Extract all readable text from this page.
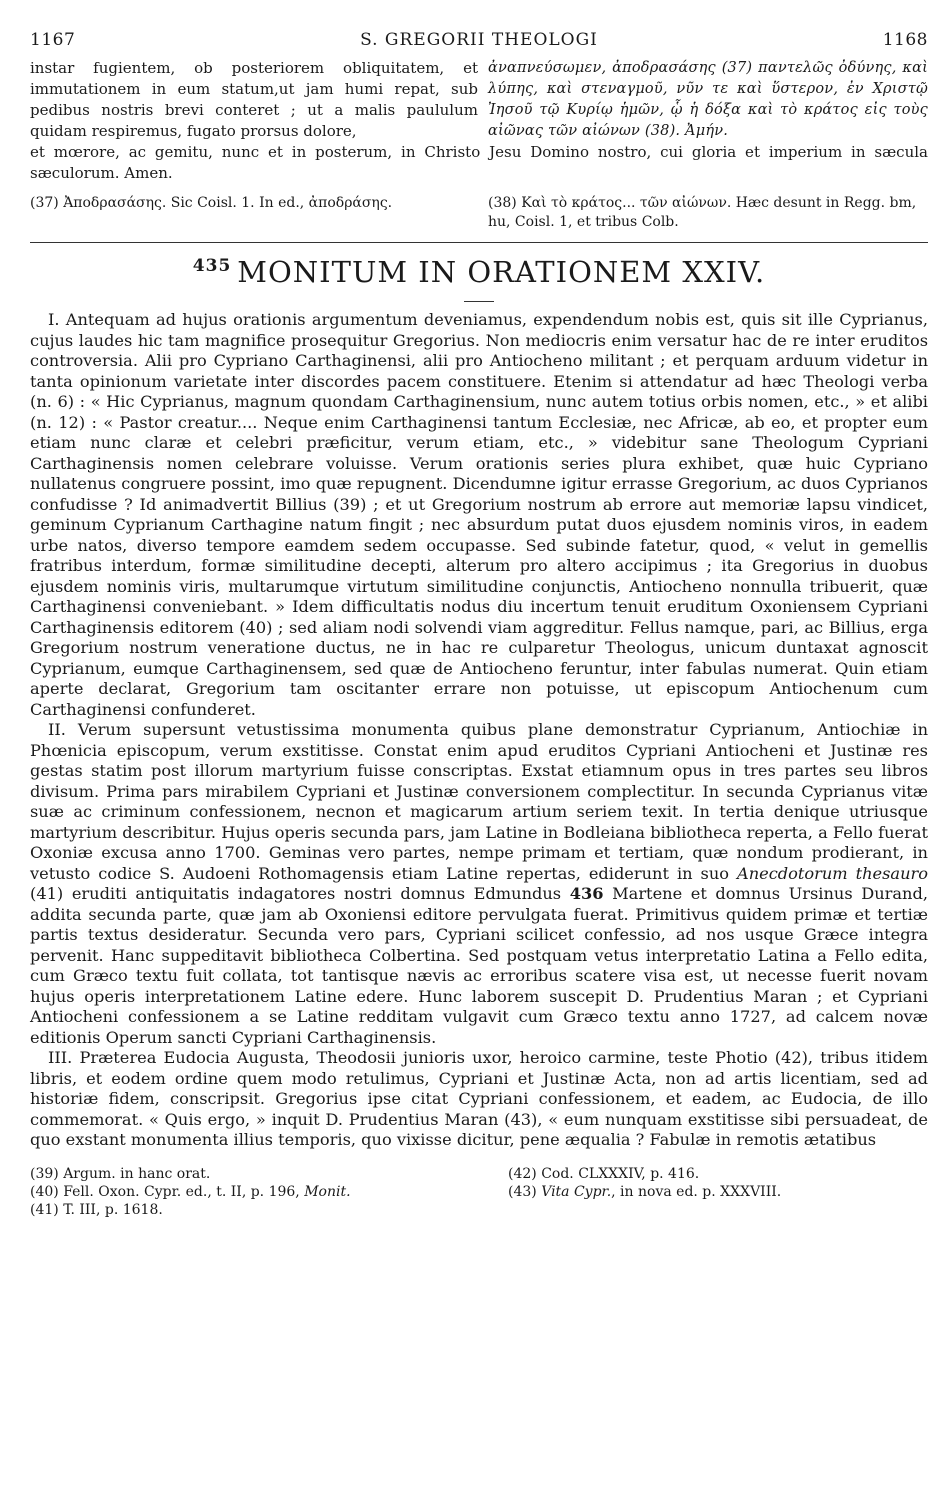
1167	S. GREGORII THEOLOGI	1168
instar fugientem, ob posteriorem obliquitatem, et immutationem in eum statum,ut jam humi repat, sub pedibus nostris brevi conteret ; ut a malis paululum quidam respiremus, fugato prorsus dolore,
ἀναπνεύσωμεν, ἀποδρασάσης (37) παντελῶς ὀδύνης, καὶ λύπης, καὶ στεναγμοῦ, νῦν τε καὶ ὕστερον, ἐν Χριστῷ Ἰησοῦ τῷ Κυρίῳ ἡμῶν, ᾧ ἡ δόξα καὶ τὸ κράτος εἰς τοὺς αἰῶνας τῶν αἰώνων (38). Ἀμήν.
et mœrore, ac gemitu, nunc et in posterum, in Christo Jesu Domino nostro, cui gloria et imperium in sæcula sæculorum. Amen.
(37) Ἀποδρασάσης. Sic Coisl. 1. In ed., ἀποδράσης.	(38) Καὶ τὸ κράτος... τῶν αἰώνων. Hæc desunt in Regg. bm, hu, Coisl. 1, et tribus Colb.
$^{435}$ MONITUM IN ORATIONEM XXIV.

I. Antequam ad hujus orationis argumentum deveniamus, expendendum nobis est, quis sit ille Cyprianus, cujus laudes hic tam magnifice prosequitur Gregorius. Non mediocris enim versatur hac de re inter eruditos controversia. Alii pro Cypriano Carthaginensi, alii pro Antiocheno militant ; et perquam arduum videtur in tanta opinionum varietate inter discordes pacem constituere. Etenim si attendatur ad hæc Theologi verba (n. 6) : « Hic Cyprianus, magnum quondam Carthaginensium, nunc autem totius orbis nomen, etc., » et alibi (n. 12) : « Pastor creatur.... Neque enim Carthaginensi tantum Ecclesiæ, nec Africæ, ab eo, et propter eum etiam nunc claræ et celebri præficitur, verum etiam, etc., » videbitur sane Theologum Cypriani Carthaginensis nomen celebrare voluisse. Verum orationis series plura exhibet, quæ huic Cypriano nullatenus congruere possint, imo quæ repugnent. Dicendumne igitur errasse Gregorium, ac duos Cyprianos confudisse ? Id animadvertit Billius (39) ; et ut Gregorium nostrum ab errore aut memoriæ lapsu vindicet, geminum Cyprianum Carthagine natum fingit ; nec absurdum putat duos ejusdem nominis viros, in eadem urbe natos, diverso tempore eamdem sedem occupasse. Sed subinde fatetur, quod, « velut in gemellis fratribus interdum, formæ similitudine decepti, alterum pro altero accipimus ; ita Gregorius in duobus ejusdem nominis viris, multarumque virtutum similitudine conjunctis, Antiocheno nonnulla tribuerit, quæ Carthaginensi conveniebant. » Idem difficultatis nodus diu incertum tenuit eruditum Oxoniensem Cypriani Carthaginensis editorem (40) ; sed aliam nodi solvendi viam aggreditur. Fellus namque, pari, ac Billius, erga Gregorium nostrum veneratione ductus, ne in hac re culparetur Theologus, unicum duntaxat agnoscit Cyprianum, eumque Carthaginensem, sed quæ de Antiocheno feruntur, inter fabulas numerat. Quin etiam aperte declarat, Gregorium tam oscitanter errare non potuisse, ut episcopum Antiochenum cum Carthaginensi confunderet.

II. Verum supersunt vetustissima monumenta quibus plane demonstratur Cyprianum, Antiochiæ in Phœnicia episcopum, verum exstitisse. Constat enim apud eruditos Cypriani Antiocheni et Justinæ res gestas statim post illorum martyrium fuisse conscriptas. Exstat etiamnum opus in tres partes seu libros divisum. Prima pars mirabilem Cypriani et Justinæ conversionem complectitur. In secunda Cyprianus vitæ suæ ac criminum confessionem, necnon et magicarum artium seriem texit. In tertia denique utriusque martyrium describitur. Hujus operis secunda pars, jam Latine in Bodleiana bibliotheca reperta, a Fello fuerat Oxoniæ excusa anno 1700. Geminas vero partes, nempe primam et tertiam, quæ nondum prodierant, in vetusto codice S. Audoeni Rothomagensis etiam Latine repertas, ediderunt in suo Anecdotorum thesauro (41) eruditi antiquitatis indagatores nostri domnus Edmundus 436 Martene et domnus Ursinus Durand, addita secunda parte, quæ jam ab Oxoniensi editore pervulgata fuerat. Primitivus quidem primæ et tertiæ partis textus desideratur. Secunda vero pars, Cypriani scilicet confessio, ad nos usque Græce integra pervenit. Hanc suppeditavit bibliotheca Colbertina. Sed postquam vetus interpretatio Latina a Fello edita, cum Græco textu fuit collata, tot tantisque nævis ac erroribus scatere visa est, ut necesse fuerit novam hujus operis interpretationem Latine edere. Hunc laborem suscepit D. Prudentius Maran ; et Cypriani Antiocheni confessionem a se Latine redditam vulgavit cum Græco textu anno 1727, ad calcem novæ editionis Operum sancti Cypriani Carthaginensis.

III. Præterea Eudocia Augusta, Theodosii junioris uxor, heroico carmine, teste Photio (42), tribus itidem libris, et eodem ordine quem modo retulimus, Cypriani et Justinæ Acta, non ad artis licentiam, sed ad historiæ fidem, conscripsit. Gregorius ipse citat Cypriani confessionem, et eadem, ac Eudocia, de illo commemorat. « Quis ergo, » inquit D. Prudentius Maran (43), « eum nunquam exstitisse sibi persuadeat, de quo exstant monumenta illius temporis, quo vixisse dicitur, pene æqualia ? Fabulæ in remotis ætatibus

(39) Argum. in hanc orat.
(40) Fell. Oxon. Cypr. ed., t. II, p. 196, Monit.
(41) T. III, p. 1618.
(42) Cod. CLXXXIV, p. 416.
(43) Vita Cypr., in nova ed. p. XXXVIII.
